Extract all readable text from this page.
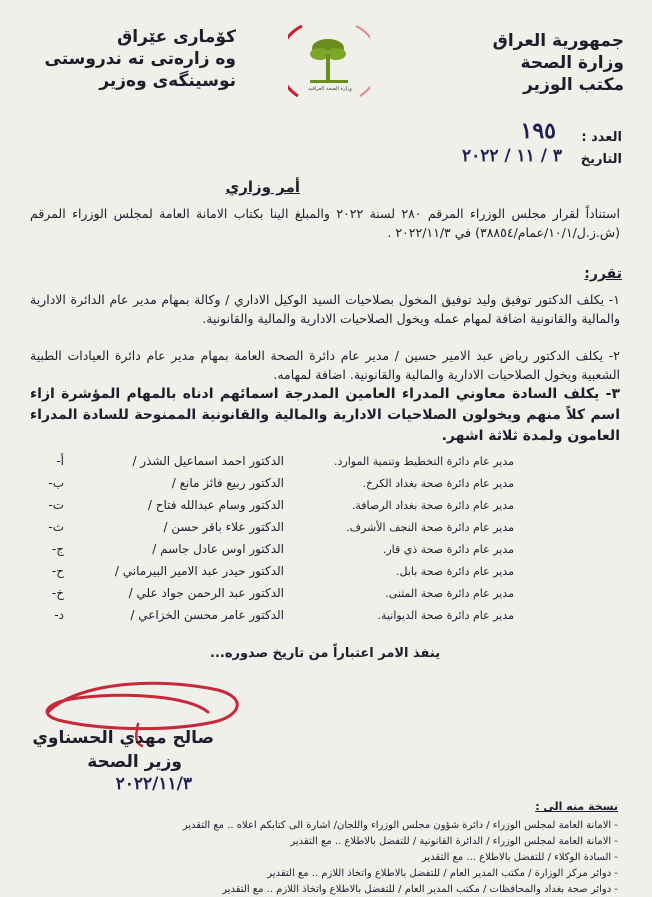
جمهورية العراق
وزارة الصحة
مكتب الوزير
كۆماری عێراق
وه زارەتی تە ندروستی
نوسینگەی وەزیر	وزارة الصحة العراقية
العدد :
١٩٥
التاريخ
٣ / ١١ / ٢٠٢٢
أمر وزاري
استناداً لقرار مجلس الوزراء المرقم ٢٨٠ لسنة ٢٠٢٢ والمبلغ الينا بكتاب الامانة العامة لمجلس الوزراء المرقم (ش.ز.ل/١٠/١/عمام/٣٨٨٥٤) في ٢٠٢٢/١١/٣ .
تقرر:
١- يكلف الدكتور توفيق وليد توفيق المخول بصلاحيات السيد الوكيل الاداري / وكالة بمهام مدير عام الدائرة الادارية والمالية والقانونية اضافة لمهام عمله ويخول الصلاحيات الادارية والمالية والقانونية.
٢- يكلف الدكتور رياض عبد الامير حسين / مدير عام دائرة الصحة العامة بمهام مدير عام دائرة العيادات الطبية الشعبية ويخول الصلاحيات الادارية والمالية والقانونية. اضافة لمهامه.
٣- يكلف السادة معاوني المدراء العامين المدرجة اسمائهم ادناه بالمهام المؤشرة ازاء اسم كلاً منهم ويخولون الصلاحيات الادارية والمالية والقانونية الممنوحة للسادة المدراء العامون ولمدة ثلاثة اشهر.
أ-	الدكتور احمد اسماعيل الشذر /	مدير عام دائرة التخطيط وتنمية الموارد.
ب-	الدكتور ربيع فائز مانع /	مدير عام دائرة صحة بغداد الكرخ.
ت-	الدكتور وسام عبدالله فتاح /	مدير عام دائرة صحة بغداد الرصافة.
ث-	الدكتور علاء باقر حسن /	مدير عام دائرة صحة النجف الأشرف.
ج-	الدكتور اوس عادل جاسم /	مدير عام دائرة صحة ذي قار.
ح-	الدكتور حيدر عبد الامير البيرماني /	مدير عام دائرة صحة بابل.
خ-	الدكتور عبد الرحمن جواد علي /	مدير عام دائرة صحة المثنى.
د-	الدكتور عامر محسن الخزاعي /	مدير عام دائرة صحة الديوانية.
ينفذ الامر اعتباراً من تاريخ صدوره...
صالح مهدي الحسناوي
وزير الصحة
٢٠٢٢/١١/٣
نسخة منه الى :
- الامانة العامة لمجلس الوزراء / دائرة شؤون مجلس الوزراء واللجان/ اشارة الى كتابكم اعلاه .. مع التقدير
- الامانة العامة لمجلس الوزراء / الدائرة القانونية / للتفضل بالاطلاع .. مع التقدير
- السادة الوكلاء / للتفضل بالاطلاع ... مع التقدير
- دوائر مركز الوزارة / مكتب المدير العام / للتفضل بالاطلاع واتخاذ اللازم .. مع التقدير
- دوائر صحة بغداد والمحافظات / مكتب المدير العام / للتفضل بالاطلاع واتخاذ اللازم .. مع التقدير
